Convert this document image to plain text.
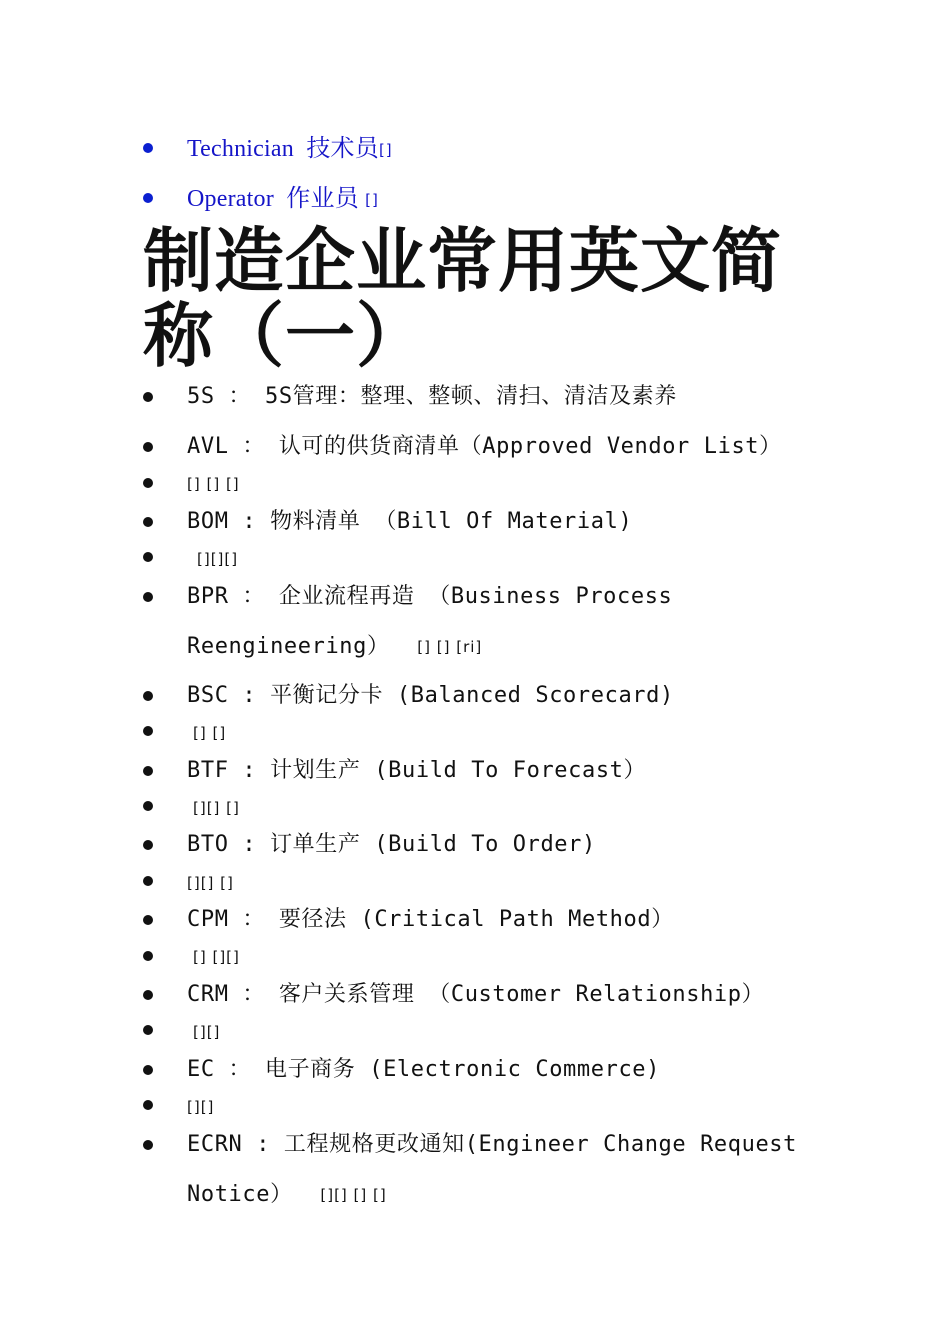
Technician 技术员[]
Operator 作业员 []
制造企业常用英文简
称（一）
5S ： 5S管理：整理、整顿、清扫、清洁及素养
AVL ： 认可的供货商清单（Approved Vendor List）
[] [] []
BOM : 物料清单 （Bill Of Material)
[][][]
BPR ： 企业流程再造 （Business Process
Reengineering） [] [] [ri]
BSC : 平衡记分卡 (Balanced Scorecard)
[] []
BTF : 计划生产 (Build To Forecast）
[][] []
BTO : 订单生产 (Build To Order)
[][] []
CPM ： 要径法 (Critical Path Method）
[] [][]
CRM ： 客户关系管理 （Customer Relationship）
[][]
EC ： 电子商务 (Electronic Commerce)
[][]
ECRN : 工程规格更改通知(Engineer Change Request
Notice） [][] [] []
